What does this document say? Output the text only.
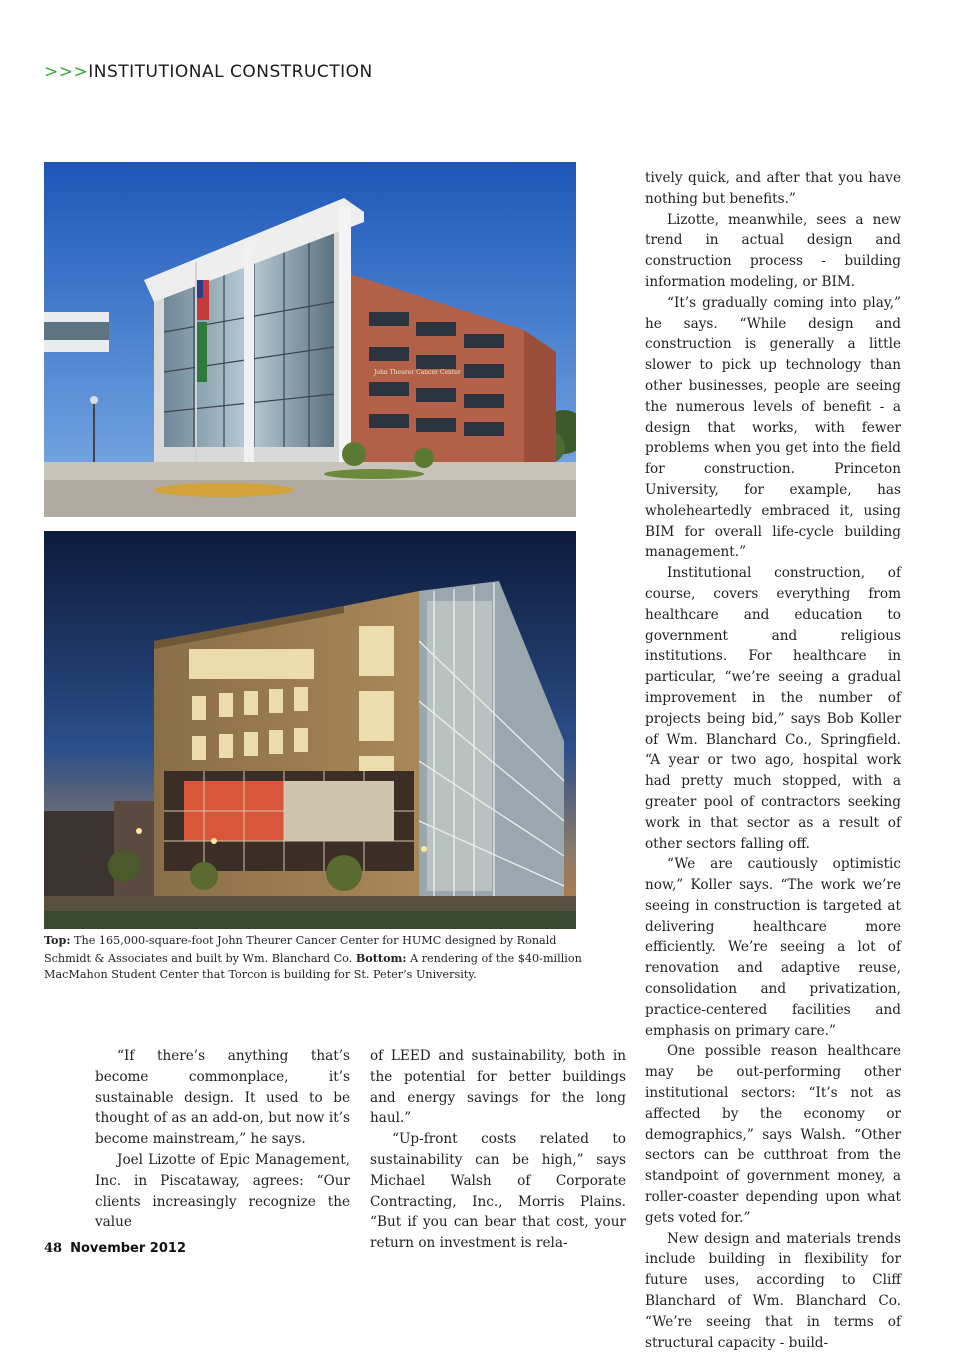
>>>INSTITUTIONAL CONSTRUCTION
John Theurer Cancer Center
Top: The 165,000-square-foot John Theurer Cancer Center for HUMC designed by Ronald Schmidt & Associates and built by Wm. Blanchard Co. Bottom: A rendering of the $40-million MacMahon Student Center that Torcon is building for St. Peter’s University.

“If there’s anything that’s become commonplace, it’s sustainable design. It used to be thought of as an add-on, but now it’s become mainstream,” he says.

Joel Lizotte of Epic Management, Inc. in Piscataway, agrees: “Our clients increasingly recognize the value

of LEED and sustainability, both in the potential for better buildings and energy savings for the long haul.”

“Up-front costs related to sustainability can be high,” says Michael Walsh of Corporate Contracting, Inc., Morris Plains. “But if you can bear that cost, your return on investment is rela-

tively quick, and after that you have nothing but benefits.”

Lizotte, meanwhile, sees a new trend in actual design and construction process - building information modeling, or BIM.

“It’s gradually coming into play,” he says. “While design and construction is generally a little slower to pick up technology than other businesses, people are seeing the numerous levels of benefit - a design that works, with fewer problems when you get into the field for construction. Princeton University, for example, has wholeheartedly embraced it, using BIM for overall life-cycle building management.”

Institutional construction, of course, covers everything from healthcare and education to government and religious institutions. For healthcare in particular, “we’re seeing a gradual improvement in the number of projects being bid,” says Bob Koller of Wm. Blanchard Co., Springfield. “A year or two ago, hospital work had pretty much stopped, with a greater pool of contractors seeking work in that sector as a result of other sectors falling off.

“We are cautiously optimistic now,” Koller says. “The work we’re seeing in construction is targeted at delivering healthcare more efficiently. We’re seeing a lot of renovation and adaptive reuse, consolidation and privatization, practice-centered facilities and emphasis on primary care.”

One possible reason healthcare may be out-performing other institutional sectors: “It’s not as affected by the economy or demographics,” says Walsh. “Other sectors can be cutthroat from the standpoint of government money, a roller-coaster depending upon what gets voted for.”

New design and materials trends include building in flexibility for future uses, according to Cliff Blanchard of Wm. Blanchard Co. “We’re seeing that in terms of structural capacity - build-

48 November 2012
